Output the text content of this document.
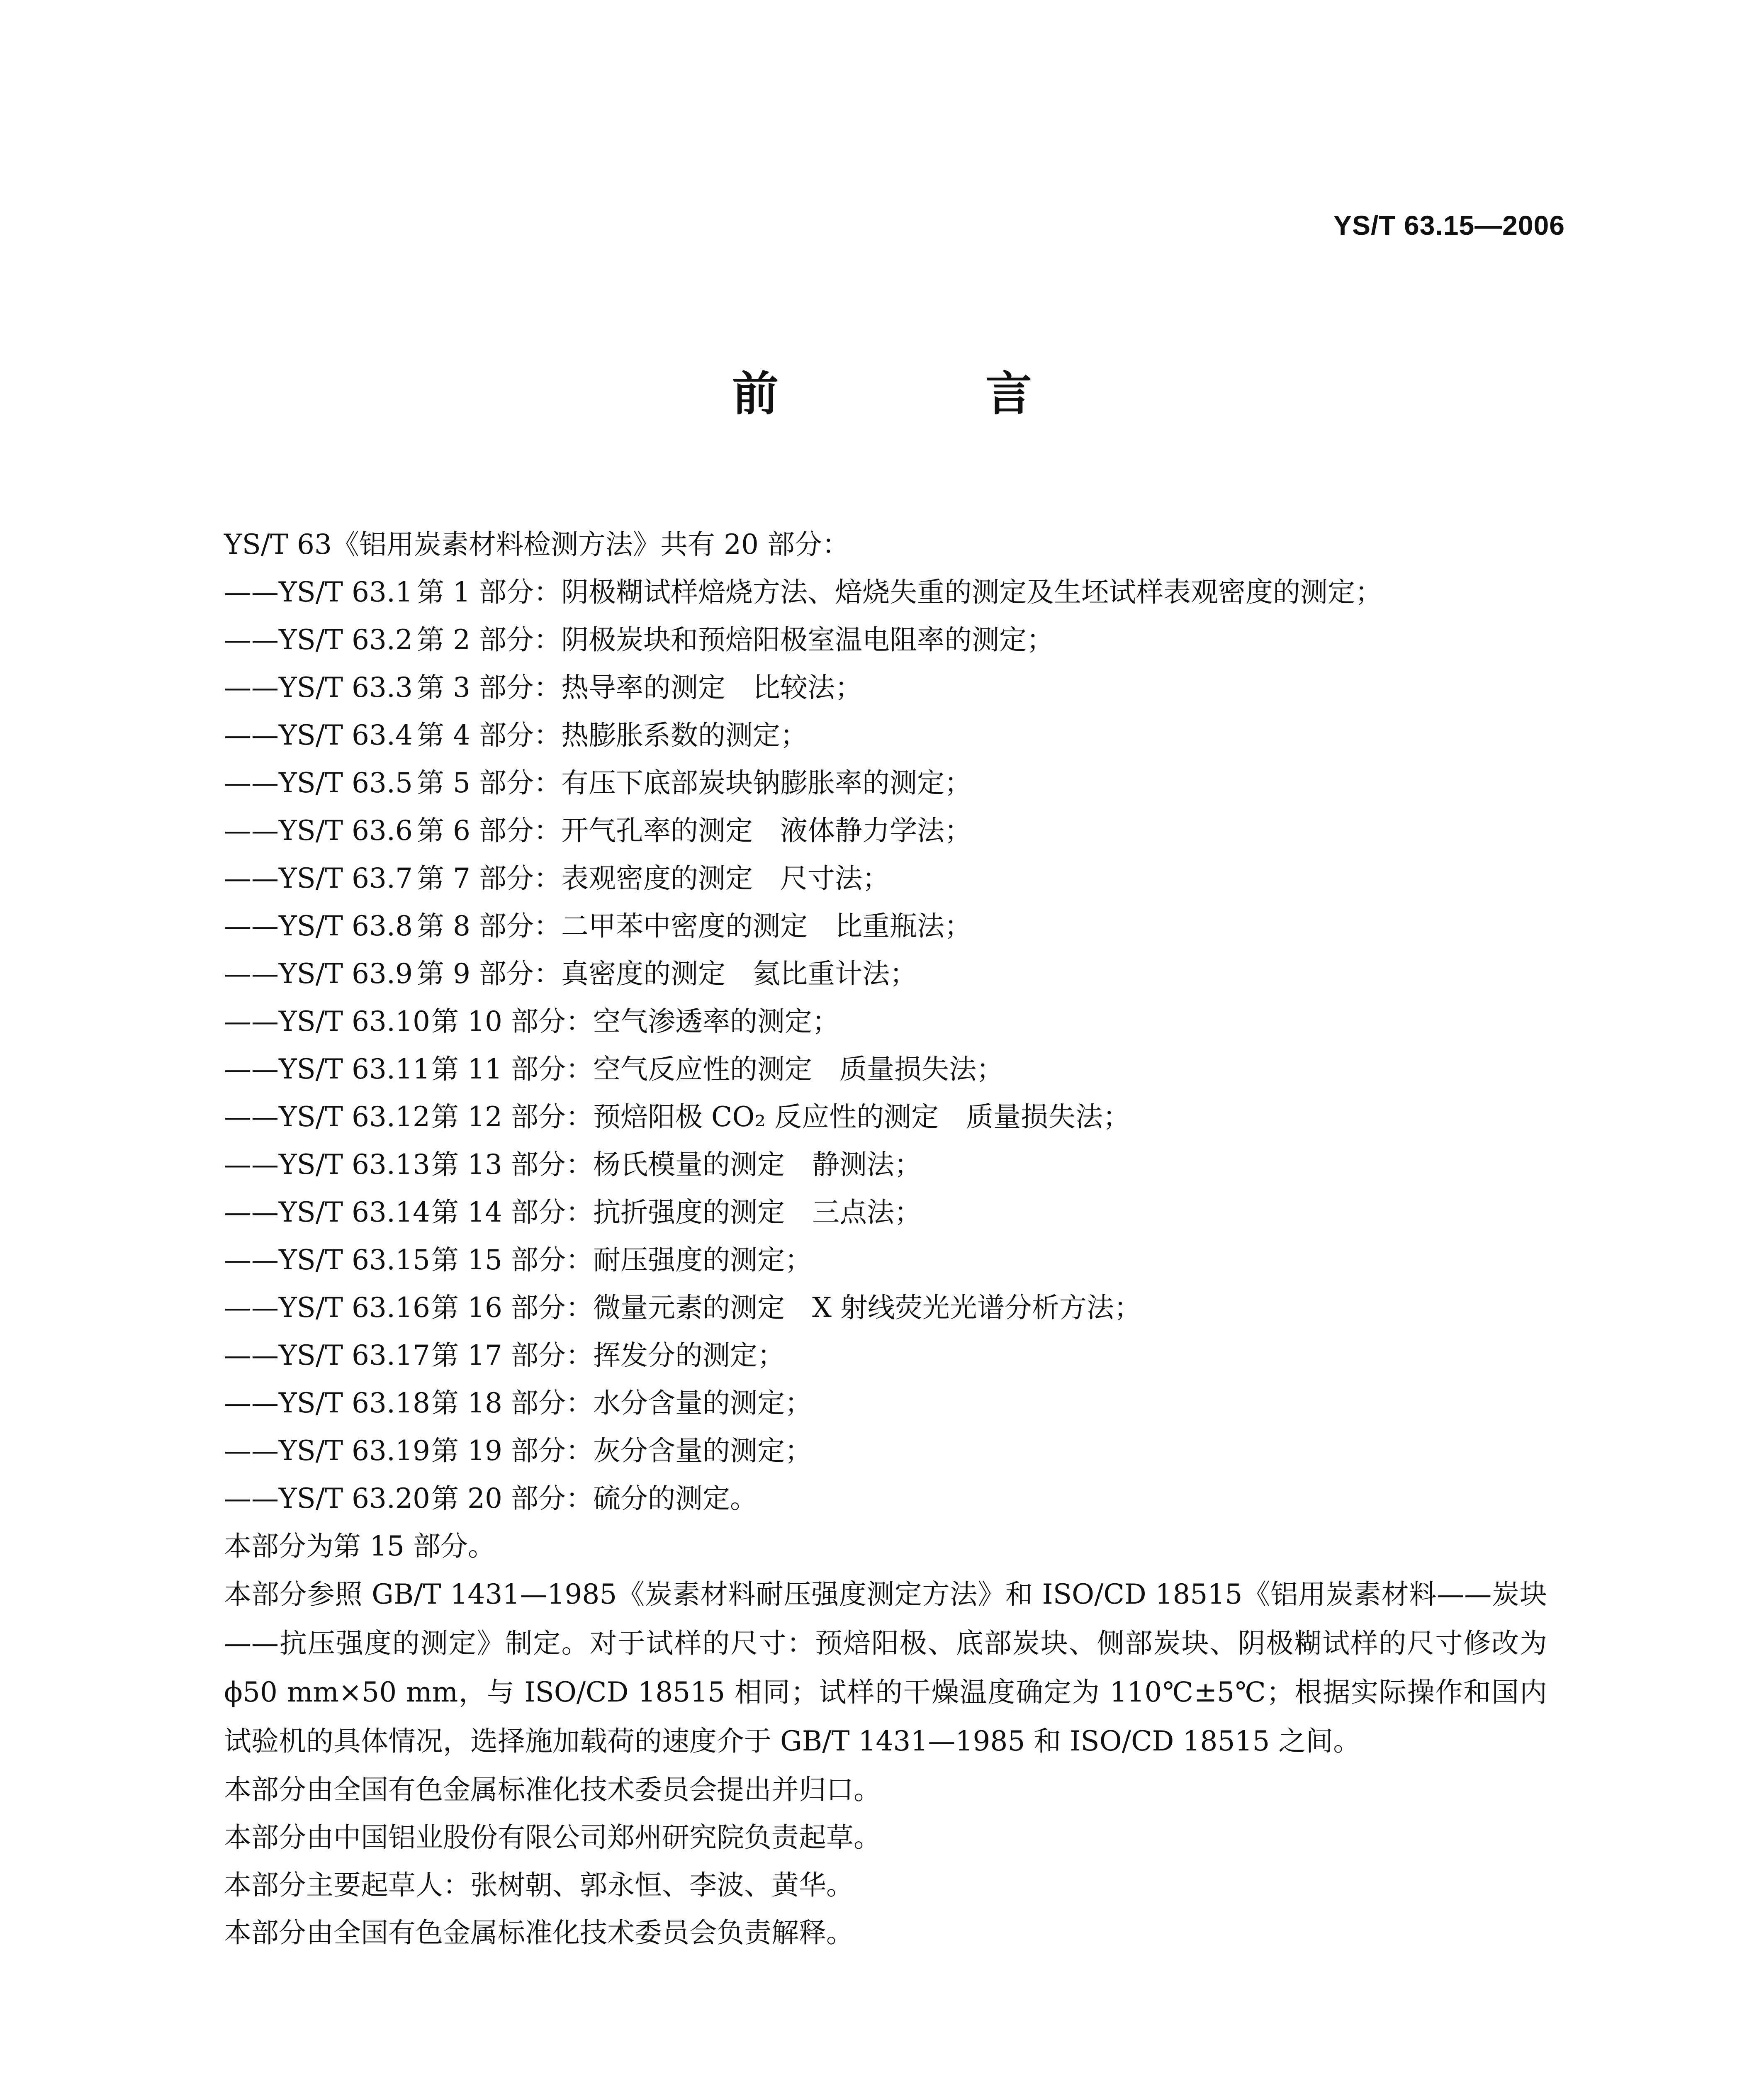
YS/T 63.15—2006
前 言
YS/T 63《铝用炭素材料检测方法》共有 20 部分：
——YS/T 63.1 第 1 部分：阴极糊试样焙烧方法、焙烧失重的测定及生坯试样表观密度的测定；
——YS/T 63.2 第 2 部分：阴极炭块和预焙阳极室温电阻率的测定；
——YS/T 63.3 第 3 部分：热导率的测定　比较法；
——YS/T 63.4 第 4 部分：热膨胀系数的测定；
——YS/T 63.5 第 5 部分：有压下底部炭块钠膨胀率的测定；
——YS/T 63.6 第 6 部分：开气孔率的测定　液体静力学法；
——YS/T 63.7 第 7 部分：表观密度的测定　尺寸法；
——YS/T 63.8 第 8 部分：二甲苯中密度的测定　比重瓶法；
——YS/T 63.9 第 9 部分：真密度的测定　氦比重计法；
——YS/T 63.10 第 10 部分：空气渗透率的测定；
——YS/T 63.11 第 11 部分：空气反应性的测定　质量损失法；
——YS/T 63.12 第 12 部分：预焙阳极 CO₂ 反应性的测定　质量损失法；
——YS/T 63.13 第 13 部分：杨氏模量的测定　静测法；
——YS/T 63.14 第 14 部分：抗折强度的测定　三点法；
——YS/T 63.15 第 15 部分：耐压强度的测定；
——YS/T 63.16 第 16 部分：微量元素的测定　X 射线荧光光谱分析方法；
——YS/T 63.17 第 17 部分：挥发分的测定；
——YS/T 63.18 第 18 部分：水分含量的测定；
——YS/T 63.19 第 19 部分：灰分含量的测定；
——YS/T 63.20 第 20 部分：硫分的测定。
本部分为第 15 部分。
本部分参照 GB/T 1431—1985《炭素材料耐压强度测定方法》和 ISO/CD 18515《铝用炭素材料——炭块——抗压强度的测定》制定。对于试样的尺寸：预焙阳极、底部炭块、侧部炭块、阴极糊试样的尺寸修改为 ϕ50 mm×50 mm，与 ISO/CD 18515 相同；试样的干燥温度确定为 110℃±5℃；根据实际操作和国内试验机的具体情况，选择施加载荷的速度介于 GB/T 1431—1985 和 ISO/CD 18515 之间。
本部分由全国有色金属标准化技术委员会提出并归口。
本部分由中国铝业股份有限公司郑州研究院负责起草。
本部分主要起草人：张树朝、郭永恒、李波、黄华。
本部分由全国有色金属标准化技术委员会负责解释。
